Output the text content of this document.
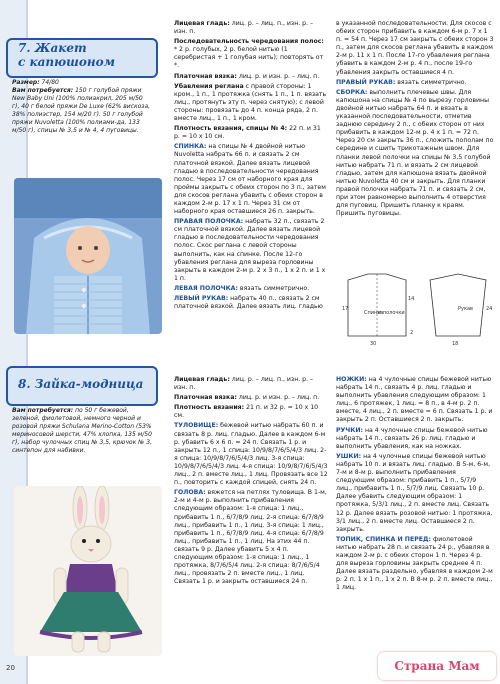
7. Жакет
с капюшоном
Размер: 74/80
Вам потребуется: 150 г голубой пряжи New Baby Uni (100% полиакрил, 205 м/50 г), 40 г белой пряжи De Luxe (62% вискоза, 38% полиэстер, 154 м/20 г). 50 г голубой пряжи Nuvoletta (100% полиами-да, 133 м/50 г), спицы № 3,5 и № 4, 4 пуговицы.
8. Зайка-модница
Вам потребуется: по 50 г бежевой, зеленой, фиолетовой, немного черной и розовой пряжи Schulana Merino-Cotton (53% мериносовой шерсти, 47% хлопка, 135 м/50 г), набор чулочных спиц № 3,5, крючок № 3, синтепон для набивки.

Лицевая гладь: лиц. р. – лиц. п., изн. р. – изн. п.

Последовательность чередования полос: * 2 р. голубых, 2 р. белой нитью (1 серебристая + 1 голубая нить); повторять от *.

Платочная вязка: лиц. р. и изн. р. – лиц. п.

Убавления реглана с правой стороны: 1 кром., 1 п., 1 протяжка (снять 1 п., 1 п. вязать лиц., протянуть эту п. через снятую); с левой стороны: провязать до 4 п. конца ряда, 2 п. вместе лиц., 1 п., 1 кром.

Плотность вязания, спицы № 4: 22 п. и 31 р. = 10 х 10 см.

СПИНКА: на спицы № 4 двойной нитью Nuvoletta набрать 66 п. и связать 2 см платочной вязкой. Далее вязать лицевой гладью в последовательности чередования полос. Через 17 см от наборного края для проймы закрыть с обеих сторон по 3 п., затем для скосов реглана убавить с обеих сторон в каждом 2-м р. 17 х 1 п. Через 31 см от наборного края оставшиеся 26 п. закрыть.

ПРАВАЯ ПОЛОЧКА: набрать 32 п., связать 2 см платочной вязкой. Далее вязать лицевой гладью в последовательности чередования полос. Скос реглана с левой стороны выполнить, как на спинке. После 12-го убавления реглана для выреза горловины закрыть в каждом 2-м р. 2 х 3 п., 1 х 2 п. и 1 х 1 п.

ЛЕВАЯ ПОЛОЧКА: вязать симметрично.

ЛЕВЫЙ РУКАВ: набрать 40 п., связать 2 см платочной вязкой. Далее вязать лиц. гладью

в указанной последовательности. Для скосов с обеих сторон прибавить в каждом 6-м р. 7 х 1 п. = 54 п. Через 17 см закрыть с обеих сторон 3 п., затем для скосов реглана убавить в каждом 2-м р. 11 х 1 п. После 17-го убавления реглана убавить в каждом 2-м р. 4 п., после 19-го убавления закрыть оставшиеся 4 п.

ПРАВЫЙ РУКАВ: вязать симметрично.

СБОРКА: выполнить плечевые швы. Для капюшона на спицы № 4 по вырезу горловины двойной нитью набрать 64 п. и вязать в указанной последовательности, отметив заднюю середину 2 п., с обеих сторон от них прибавить в каждом 12-м р. 4 х 1 п. = 72 п. Через 20 см закрыть 36 п., сложить пополам по середине и сшить трикотажным швом. Для планки левой полочки на спицы № 3,5 голубой нитью набрать 71 п. и вязать 2 см лицевой гладью, затем для капюшона вязать двойной нитью Nuvoletta 40 см и закрыть. Для планки правой полочки набрать 71 п. и связать 2 см, при этом равномерно выполнить 4 отверстия для пуговиц. Пришить планку к краям. Пришить пуговицы.

Спинка
и полочки
Рукав
17
30
14
18
24
2

Лицевая гладь: лиц. р. – лиц. п., изн. р. – изн. п.

Платочная вязка: лиц. р. и изн. р. – лиц. п.

Плотность вязания: 21 п. и 32 р. = 10 х 10 см.

ТУЛОВИЩЕ: бежевой нитью набрать 60 п. и связать 8 р. лиц. гладью. Далее в каждом 6-м р. убавить 6 х 6 п. = 24 п. Связать 1 р. и закрыть 12 п., 1 спица: 10/9/8/7/6/5/4/3 лиц. 2-я спица: 10/9/8/7/6/5/4/3 лиц. 3-я спица: 10/9/8/7/6/5/4/3 лиц. 4-я спица: 10/9/8/7/6/5/4/3 лиц., 2 п. вместе лиц., 1 лиц. Провязать все 12 п., повторить с каждой спицей, снять 24 п.

ГОЛОВА: вяжется на петлях туловища. В 1-м, 2-м и 4-м р. выполнить прибавления следующим образом: 1-я спица: 1 лиц., прибавить 1 п., 6/7/8/9 лиц. 2-я спица: 6/7/8/9 лиц., прибавить 1 п., 1 лиц. 3-я спица: 1 лиц., прибавить 1 п., 6/7/8/9 лиц. 4-я спица: 6/7/8/9 лиц., прибавить 1 п., 1 лиц. На этих 44 п. связать 9 р. Далее убавить 5 х 4 п. следующим образом: 1-я спица: 1 лиц., 1 протяжка, 8/7/6/5/4 лиц. 2-я спица: 8/7/6/5/4 лиц., провязать 2 п. вместе лиц., 1 лиц. Связать 1 р. и закрыть оставшиеся 24 п.

НОЖКИ: на 4 чулочные спицы бежевой нитью набрать 14 п., связать 4 р. лиц. гладью и выполнить убавления следующим образом: 1 лиц., 6 протяжек, 1 лиц. = 8 п., в 4-м р. 2 п. вместе, 4 лиц., 2 п. вместе = 6 п. Связать 1 р. и закрыть 2 п. Оставшиеся 2 п. закрыть.

РУЧКИ: на 4 чулочные спицы бежевой нитью набрать 14 п., связать 26 р. лиц. гладью и выполнить убавления, как на ножках.

УШКИ: на 4 чулочные спицы бежевой нитью набрать 10 п. и вязать лиц. гладью. В 5-м, 6-м, 7-м и 8-м р. выполнить прибавления следующим образом: прибавить 1 п., 5/7/9 лиц., прибавить 1 п., 5/7/9 лиц. Связать 10 р. Далее убавить следующим образом: 1 протяжка, 5/3/1 лиц., 2 п. вместе лиц. Связать 12 р. Далее вязать розовой нитью: 1 протяжка, 3/1 лиц., 2 п. вместе лиц. Оставшиеся 2 п. закрыть.

ТОПИК, СПИНКА И ПЕРЕД: фиолетовой нитью набрать 28 п. и связать 24 р., убавляя в каждом 2-м р. с обеих сторон 1 п. Через 4 р. для выреза горловины закрыть среднее 4 п. Далее вязать раздельно, убавляя в каждом 2-м р. 2 п. 1 х 1 п., 1 х 2 п. В 8-м р. 2 п. вместе лиц., 1 лиц.

20	Страна Мам
